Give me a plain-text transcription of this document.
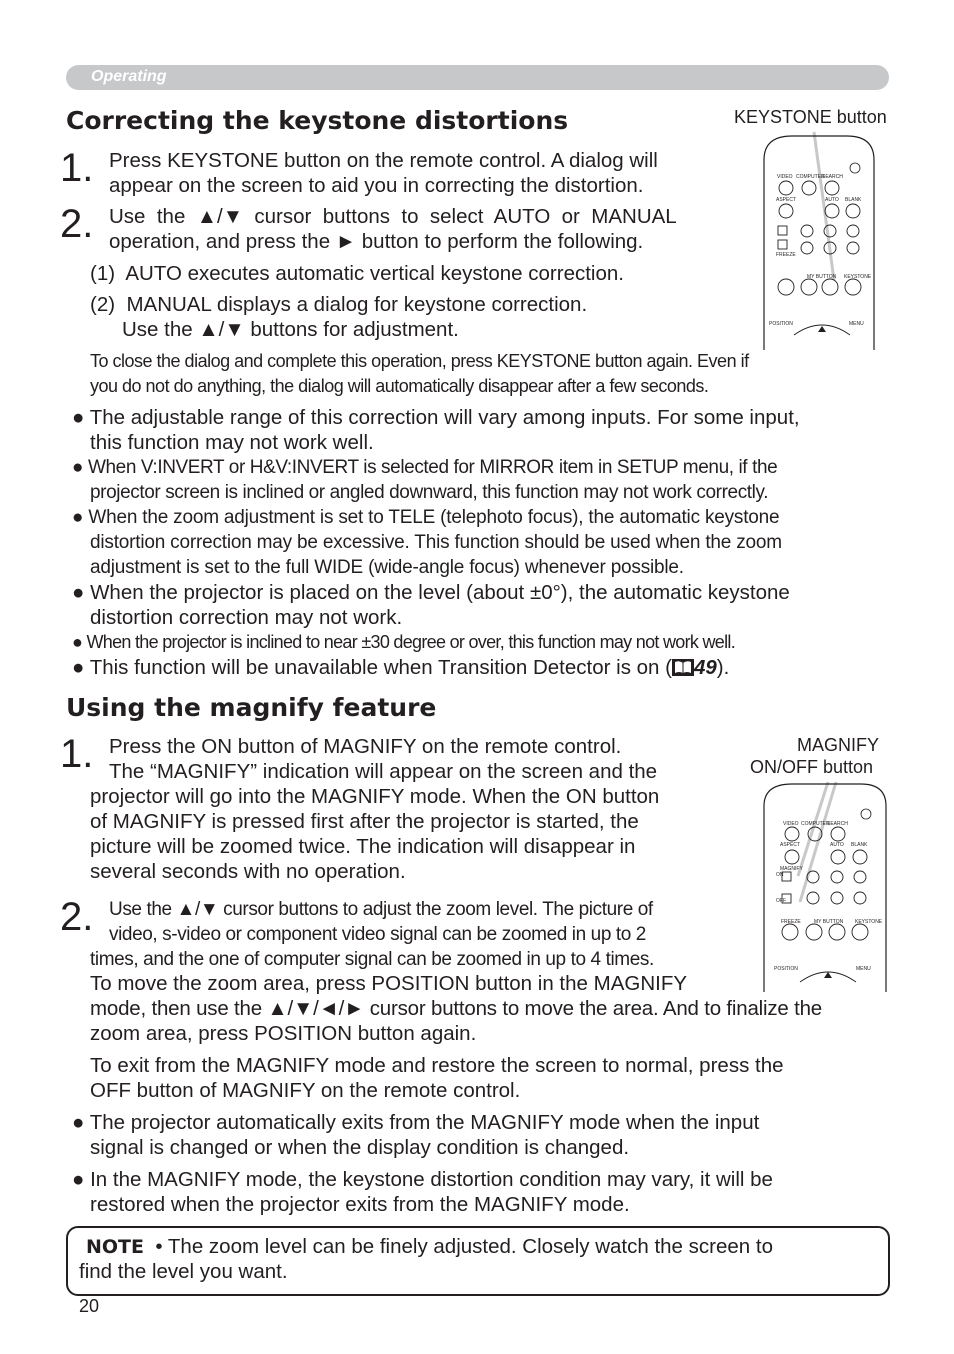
Operating
Correcting the keystone distortions	KEYSTONE button
VIDEO COMPUTER
SEARCH
ASPECT	AUTO BLANK
FREEZE
MY BUTTON KEYSTONE
POSITION	MENU
1. Press KEYSTONE button on the remote control. A dialog will
appear on the screen to aid you in correcting the distortion.
2. Use  the  ▲/▼  cursor  buttons  to  select  AUTO  or  MANUAL
operation, and press the ► button to perform the following.
(1)  AUTO executes automatic vertical keystone correction.
(2)  MANUAL displays a dialog for keystone correction.
Use the ▲/▼ buttons for adjustment.
To close the dialog and complete this operation, press KEYSTONE button again. Even if
you do not do anything, the dialog will automatically disappear after a few seconds.
● The adjustable range of this correction will vary among inputs. For some input,
this function may not work well.
● When V:INVERT or H&V:INVERT is selected for MIRROR item in SETUP menu, if the
projector screen is inclined or angled downward, this function may not work correctly.
● When the zoom adjustment is set to TELE (telephoto focus), the automatic keystone
distortion correction may be excessive. This function should be used when the zoom
adjustment is set to the full WIDE (wide-angle focus) whenever possible.
● When the projector is placed on the level (about ±0°), the automatic keystone
distortion correction may not work.
● When the projector is inclined to near ±30 degree or over, this function may not work well.
● This function will be unavailable when Transition Detector is on ( 49).
Using the magnify feature
MAGNIFY
ON/OFF button
VIDEO COMPUTER
SEARCH
ASPECT	AUTO BLANK
MAGNIFY
ON
OFF
FREEZE	MY BUTTON KEYSTONE
POSITION	MENU
1. Press the ON button of MAGNIFY on the remote control.
The “MAGNIFY” indication will appear on the screen and the
projector will go into the MAGNIFY mode. When the ON button
of MAGNIFY is pressed first after the projector is started, the
picture will be zoomed twice. The indication will disappear in
several seconds with no operation.
2. Use the ▲/▼ cursor buttons to adjust the zoom level. The picture of
video, s-video or component video signal can be zoomed in up to 2
times, and the one of computer signal can be zoomed in up to 4 times.
To move the zoom area, press POSITION button in the MAGNIFY
mode, then use the ▲/▼/◄/► cursor buttons to move the area. And to finalize the
zoom area, press POSITION button again.
To exit from the MAGNIFY mode and restore the screen to normal, press the
OFF button of MAGNIFY on the remote control.
● The projector automatically exits from the MAGNIFY mode when the input
signal is changed or when the display condition is changed.
● In the MAGNIFY mode, the keystone distortion condition may vary, it will be
restored when the projector exits from the MAGNIFY mode.
NOTE  • The zoom level can be finely adjusted. Closely watch the screen to
find the level you want.
20
